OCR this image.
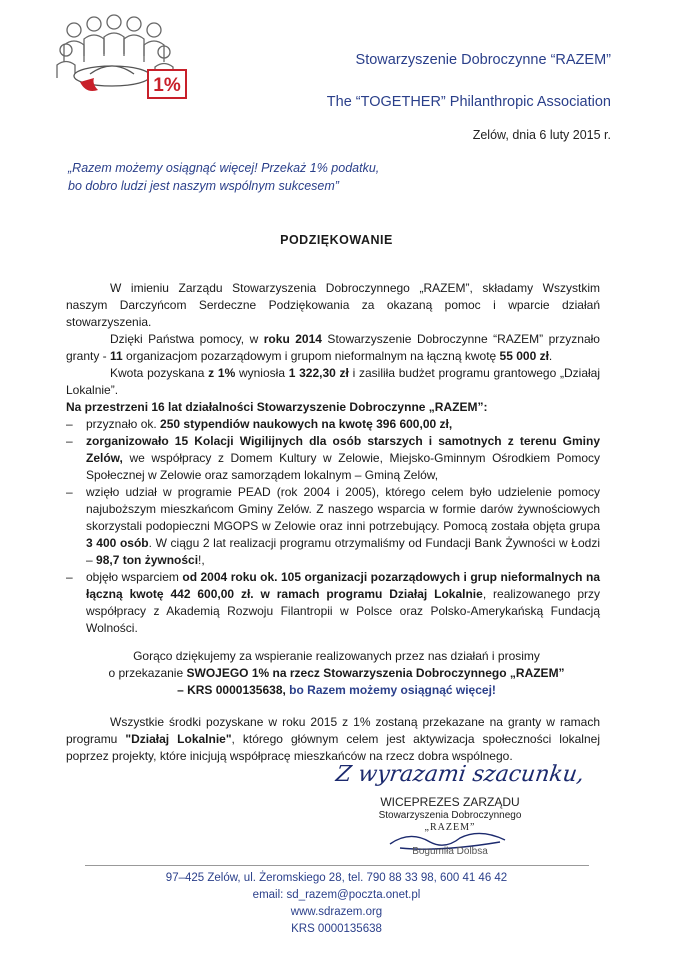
1%
Stowarzyszenie Dobroczynne “RAZEM”
The “TOGETHER” Philanthropic Association
Zelów, dnia 6 luty 2015 r.
„Razem możemy osiągnąć więcej! Przekaż 1% podatku,
bo dobro ludzi jest naszym wspólnym sukcesem”
PODZIĘKOWANIE

W imieniu Zarządu Stowarzyszenia Dobroczynnego „RAZEM”, składamy Wszystkim naszym Darczyńcom Serdeczne Podziękowania za okazaną pomoc i wparcie działań stowarzyszenia.

Dzięki Państwa pomocy, w roku 2014 Stowarzyszenie Dobroczynne “RAZEM” przyznało granty - 11 organizacjom pozarządowym i grupom nieformalnym na łączną kwotę 55 000 zł.

Kwota pozyskana z 1% wyniosła 1 322,30 zł i zasiliła budżet programu grantowego „Działaj Lokalnie”.

Na przestrzeni 16 lat działalności Stowarzyszenie Dobroczynne „RAZEM”:

– przyznało ok. 250 stypendiów naukowych na kwotę 396 600,00 zł,
– zorganizowało 15 Kolacji Wigilijnych dla osób starszych i samotnych z terenu Gminy Zelów, we współpracy z Domem Kultury w Zelowie, Miejsko-Gminnym Ośrodkiem Pomocy Społecznej w Zelowie oraz samorządem lokalnym – Gminą Zelów,
– wzięło udział w programie PEAD (rok 2004 i 2005), którego celem było udzielenie pomocy najuboższym mieszkańcom Gminy Zelów. Z naszego wsparcia w formie darów żywnościowych skorzystali podopieczni MGOPS w Zelowie oraz inni potrzebujący. Pomocą została objęta grupa 3 400 osób. W ciągu 2 lat realizacji programu otrzymaliśmy od Fundacji Bank Żywności w Łodzi – 98,7 ton żywności!,
– objęło wsparciem od 2004 roku ok. 105 organizacji pozarządowych i grup nieformalnych na łączną kwotę 442 600,00 zł. w ramach programu Działaj Lokalnie, realizowanego przy współpracy z Akademią Rozwoju Filantropii w Polsce oraz Polsko-Amerykańską Fundacją Wolności.
Gorąco dziękujemy za wspieranie realizowanych przez nas działań i prosimy
o przekazanie SWOJEGO 1% na rzecz Stowarzyszenia Dobroczynnego „RAZEM”
– KRS 0000135638, bo Razem możemy osiągnąć więcej!

Wszystkie środki pozyskane w roku 2015 z 1% zostaną przekazane na granty w ramach programu "Działaj Lokalnie", którego głównym celem jest aktywizacja społeczności lokalnej poprzez projekty, które inicjują współpracę mieszkańców na rzecz dobra wspólnego.

Z wyrazami szacunku,
WICEPREZES ZARZĄDU
Stowarzyszenia Dobroczynnego
„RAZEM”
Bogumiła Dolbsa
97–425 Zelów, ul. Żeromskiego 28, tel. 790 88 33 98, 600 41 46 42
email: sd_razem@poczta.onet.pl
www.sdrazem.org
KRS 0000135638
